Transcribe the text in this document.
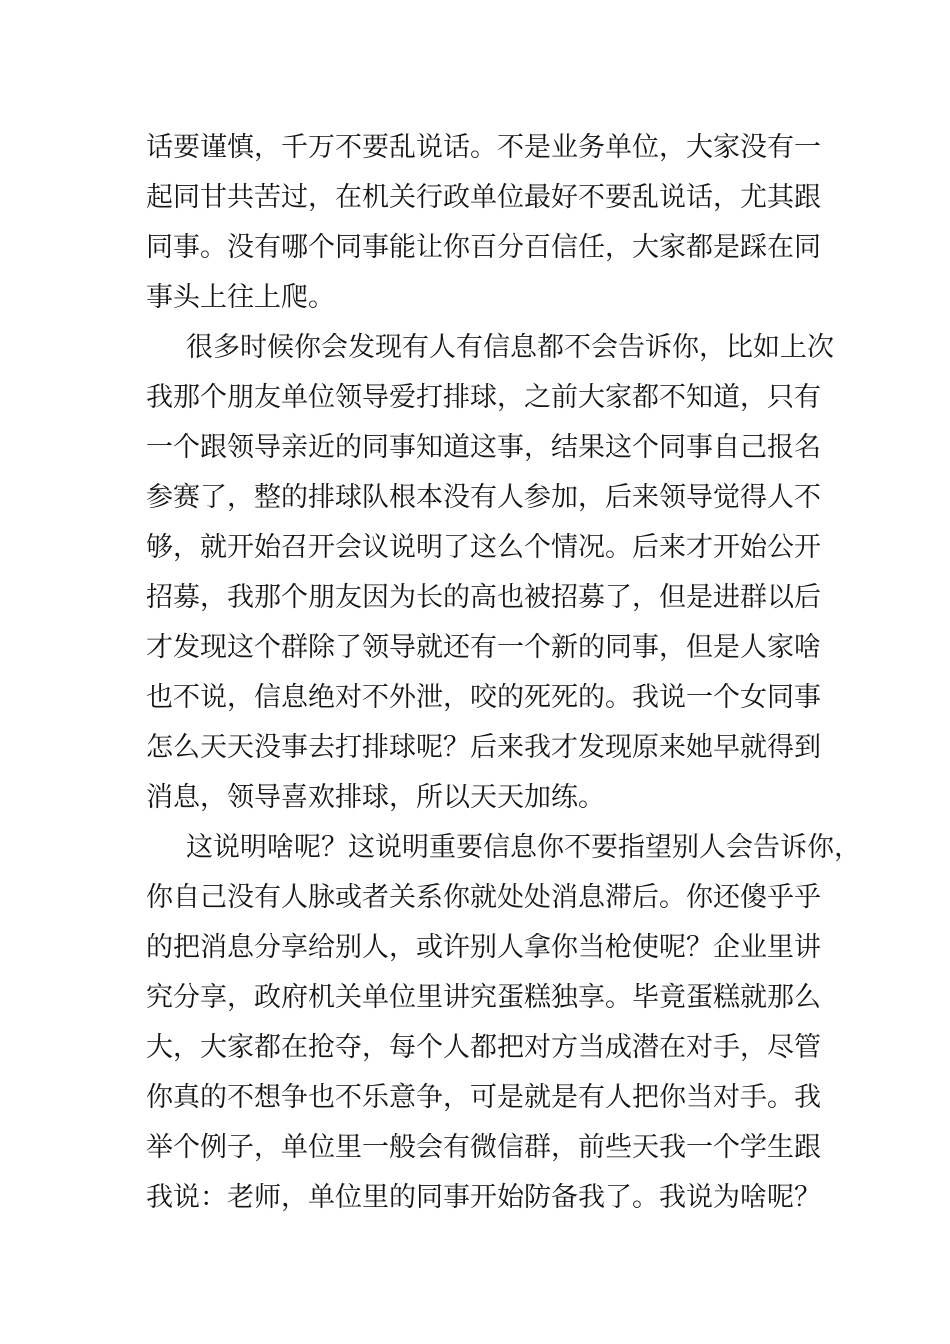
话要谨慎，千万不要乱说话。不是业务单位，大家没有一
起同甘共苦过，在机关行政单位最好不要乱说话，尤其跟
同事。没有哪个同事能让你百分百信任，大家都是踩在同
事头上往上爬。
很多时候你会发现有人有信息都不会告诉你，比如上次
我那个朋友单位领导爱打排球，之前大家都不知道，只有
一个跟领导亲近的同事知道这事，结果这个同事自己报名
参赛了，整的排球队根本没有人参加，后来领导觉得人不
够，就开始召开会议说明了这么个情况。后来才开始公开
招募，我那个朋友因为长的高也被招募了，但是进群以后
才发现这个群除了领导就还有一个新的同事，但是人家啥
也不说，信息绝对不外泄，咬的死死的。我说一个女同事
怎么天天没事去打排球呢？后来我才发现原来她早就得到
消息，领导喜欢排球，所以天天加练。
这说明啥呢？这说明重要信息你不要指望别人会告诉你，
你自己没有人脉或者关系你就处处消息滞后。你还傻乎乎
的把消息分享给别人，或许别人拿你当枪使呢？企业里讲
究分享，政府机关单位里讲究蛋糕独享。毕竟蛋糕就那么
大，大家都在抢夺，每个人都把对方当成潜在对手，尽管
你真的不想争也不乐意争，可是就是有人把你当对手。我
举个例子，单位里一般会有微信群，前些天我一个学生跟
我说：老师，单位里的同事开始防备我了。我说为啥呢？
